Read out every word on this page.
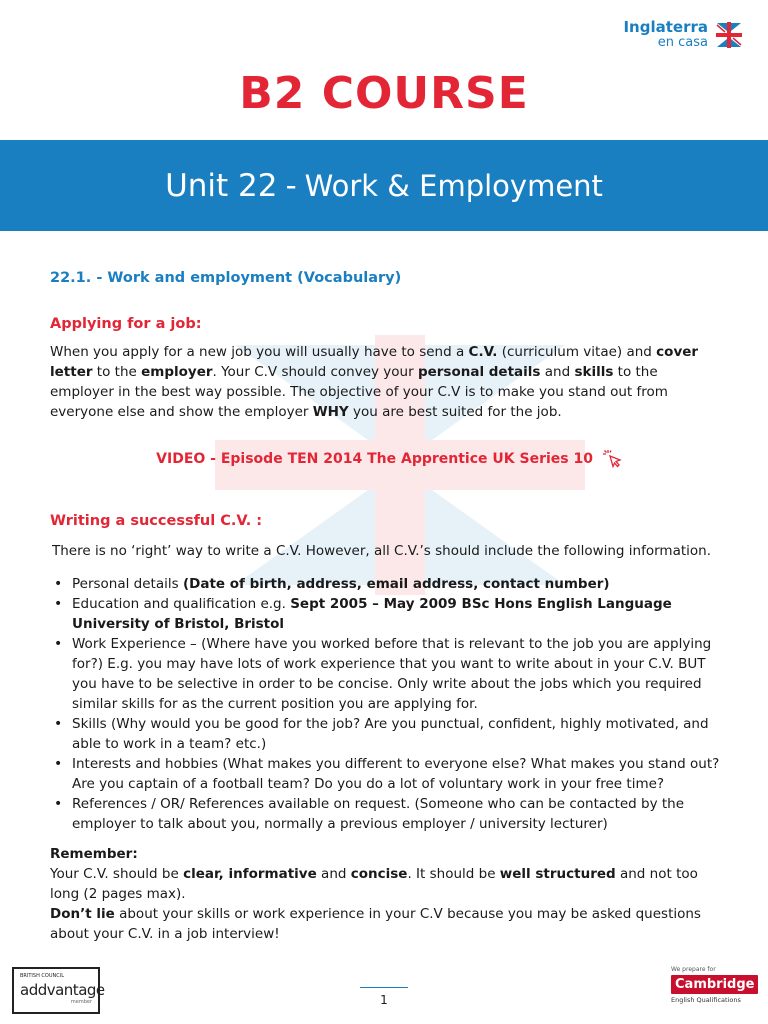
Inglaterra
en casa
B2 COURSE
Unit 22 - Work & Employment
22.1. - Work and employment (Vocabulary)
Applying for a job:

When you apply for a new job you will usually have to send a C.V. (curriculum vitae) and cover letter to the employer. Your C.V should convey your personal details and skills to the employer in the best way possible. The objective of your C.V is to make you stand out from everyone else and show the employer WHY you are best suited for the job.

VIDEO - Episode TEN 2014 The Apprentice UK Series 10
Writing a successful C.V. :

There is no ‘right’ way to write a C.V. However, all C.V.’s should include the following information.

• Personal details (Date of birth, address, email address, contact number)
• Education and qualification e.g. Sept 2005 – May 2009 BSc Hons English Language University of Bristol, Bristol
• Work Experience – (Where have you worked before that is relevant to the job you are applying for?) E.g. you may have lots of work experience that you want to write about in your C.V. BUT you have to be selective in order to be concise. Only write about the jobs which you required similar skills for as the current position you are applying for.
• Skills (Why would you be good for the job? Are you punctual, confident, highly motivated, and able to work in a team? etc.)
• Interests and hobbies (What makes you different to everyone else? What makes you stand out? Are you captain of a football team? Do you do a lot of voluntary work in your free time?
• References / OR/ References available on request. (Someone who can be contacted by the employer to talk about you, normally a previous employer / university lecturer)

Remember:

Your C.V. should be clear, informative and concise. It should be well structured and not too long (2 pages max).

Don’t lie about your skills or work experience in your C.V because you may be asked questions about your C.V. in a job interview!

BRITISH COUNCIL
addvantage
member	1
We prepare for
Cambridge
English Qualifications
